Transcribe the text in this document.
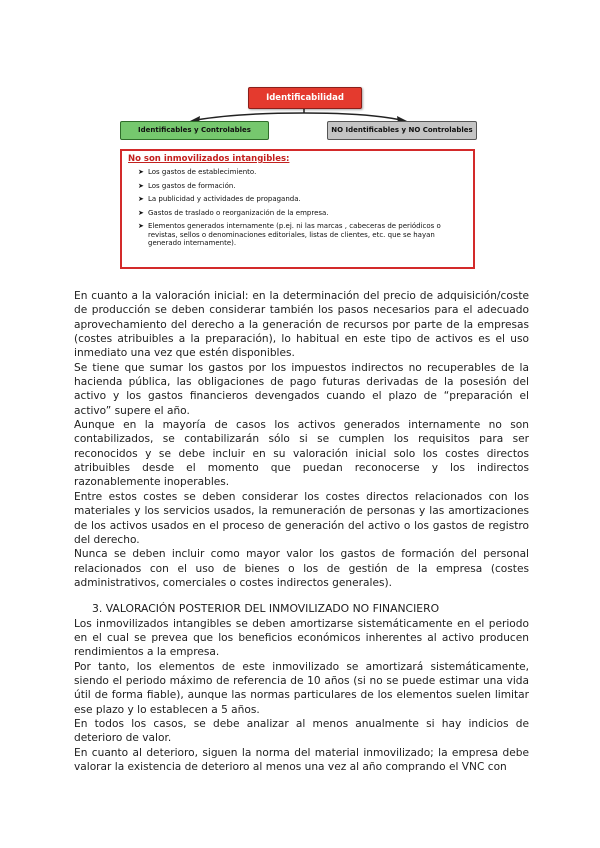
Identificabilidad
Identificables y Controlables	NO Identificables y NO Controlables
No son inmovilizados intangibles:
➤ Los gastos de establecimiento.
➤ Los gastos de formación.
➤ La publicidad y actividades de propaganda.
➤ Gastos de traslado o reorganización de la empresa.
➤ Elementos generados internamente (p.ej. ni las marcas , cabeceras de periódicos o revistas, sellos o denominaciones editoriales, listas de clientes, etc. que se hayan generado internamente).

En cuanto a la valoración inicial: en la determinación del precio de adquisición/coste de producción se deben considerar también los pasos necesarios para el adecuado aprovechamiento del derecho a la generación de recursos por parte de la empresas (costes atribuibles a la preparación), lo habitual en este tipo de activos es el uso inmediato una vez que estén disponibles.

Se tiene que sumar los gastos por los impuestos indirectos no recuperables de la hacienda pública, las obligaciones de pago futuras derivadas de la posesión del activo y los gastos financieros devengados cuando el plazo de “preparación el activo” supere el año.

Aunque en la mayoría de casos los activos generados internamente no son contabilizados, se contabilizarán sólo si se cumplen los requisitos para ser reconocidos y se debe incluir en su valoración inicial solo los costes directos atribuibles desde el momento que puedan reconocerse y los indirectos razonablemente inoperables.

Entre estos costes se deben considerar los costes directos relacionados con los materiales y los servicios usados, la remuneración de personas y las amortizaciones de los activos usados en el proceso de generación del activo o los gastos de registro del derecho.

Nunca se deben incluir como mayor valor los gastos de formación del personal relacionados con el uso de bienes o los de gestión de la empresa (costes administrativos, comerciales o costes indirectos generales).

3. VALORACIÓN POSTERIOR DEL INMOVILIZADO NO FINANCIERO

Los inmovilizados intangibles se deben amortizarse sistemáticamente en el periodo en el cual se prevea que los beneficios económicos inherentes al activo producen rendimientos a la empresa.

Por tanto, los elementos de este inmovilizado se amortizará sistemáticamente, siendo el periodo máximo de referencia de 10 años (si no se puede estimar una vida útil de forma fiable), aunque las normas particulares de los elementos suelen limitar ese plazo y lo establecen a 5 años.

En todos los casos, se debe analizar al menos anualmente si hay indicios de deterioro de valor.

En cuanto al deterioro, siguen la norma del material inmovilizado; la empresa debe valorar la existencia de deterioro al menos una vez al año comprando el VNC con
